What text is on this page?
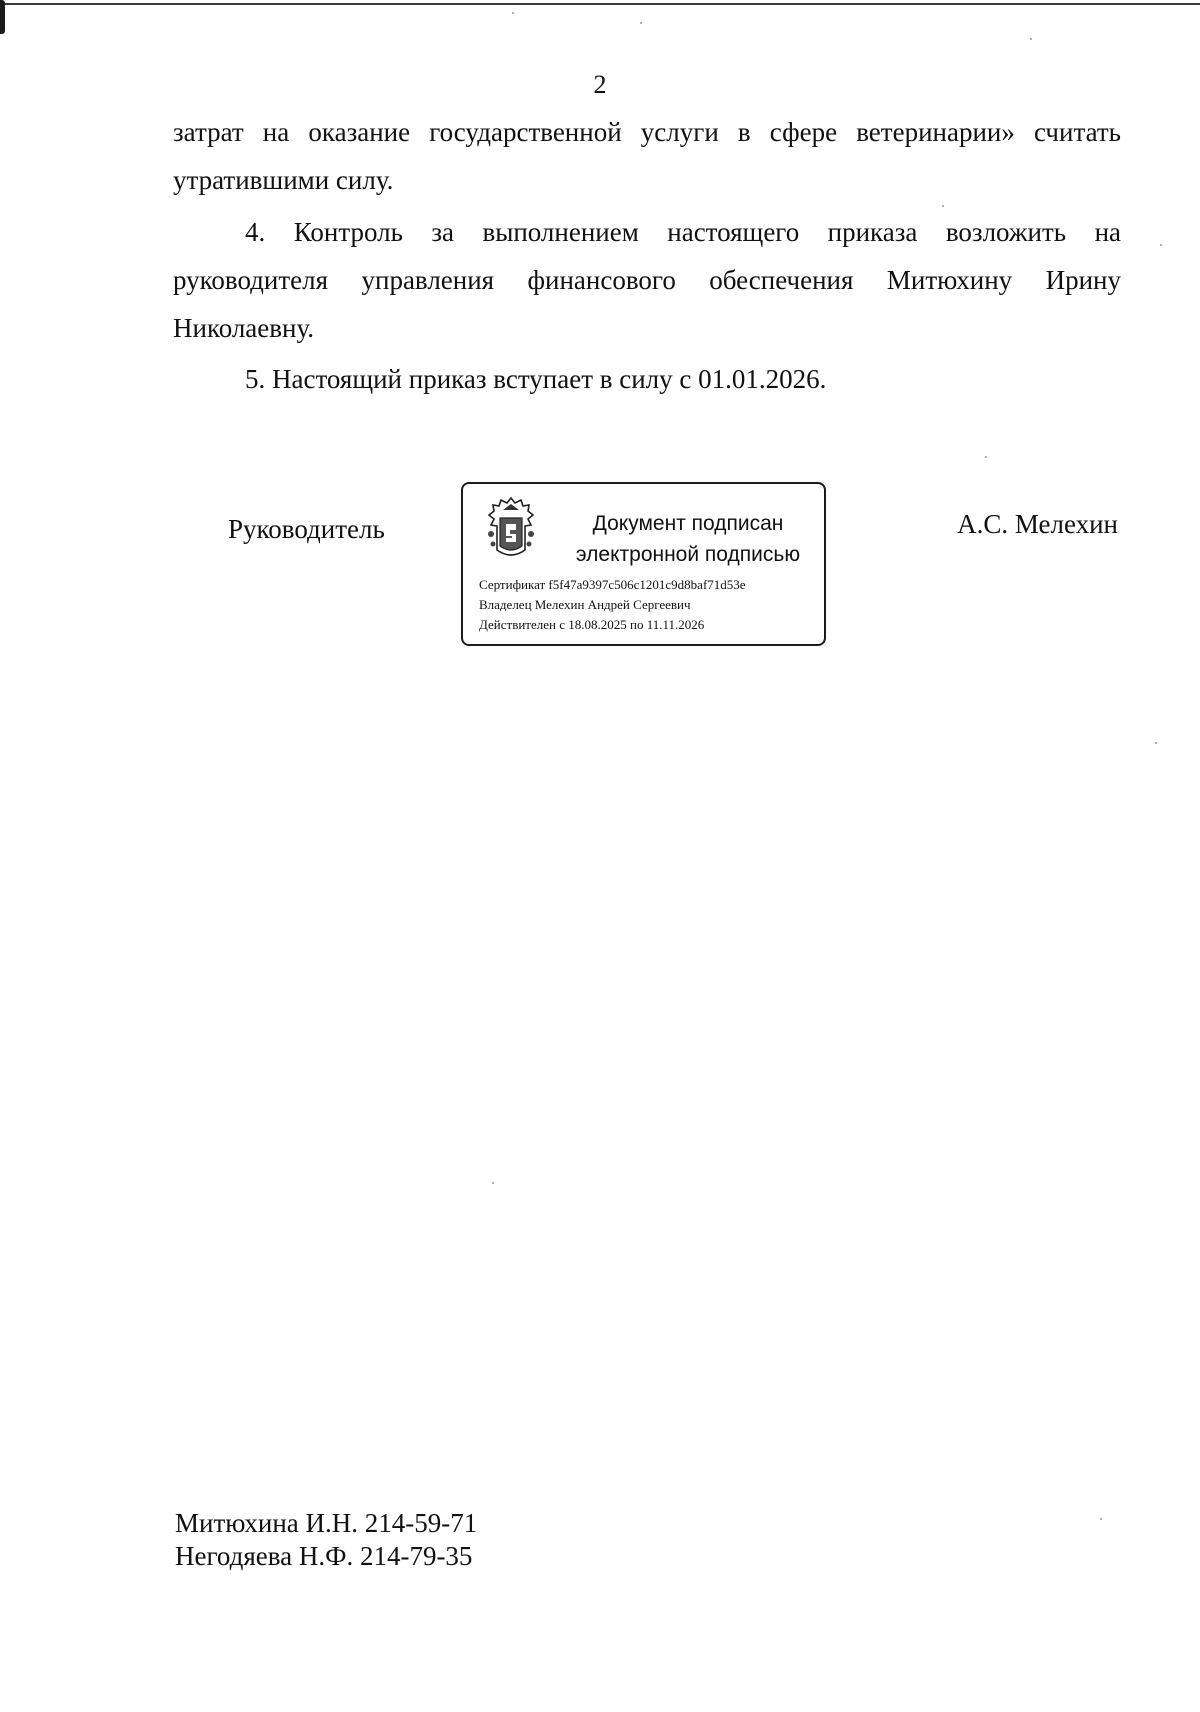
2
затрат на оказание государственной услуги в сфере ветеринарии» считать
утратившими силу.
4. Контроль за выполнением настоящего приказа возложить на
руководителя управления финансового обеспечения Митюхину Ирину
Николаевну.
5. Настоящий приказ вступает в силу с 01.01.2026.
Руководитель	Документ подписан
электронной подписью
Сертификат f5f47a9397c506c1201c9d8baf71d53e
Владелец Мелехин Андрей Сергеевич
Действителен с 18.08.2025 по 11.11.2026
А.С. Мелехин
Митюхина И.Н. 214-59-71
Негодяева Н.Ф. 214-79-35
